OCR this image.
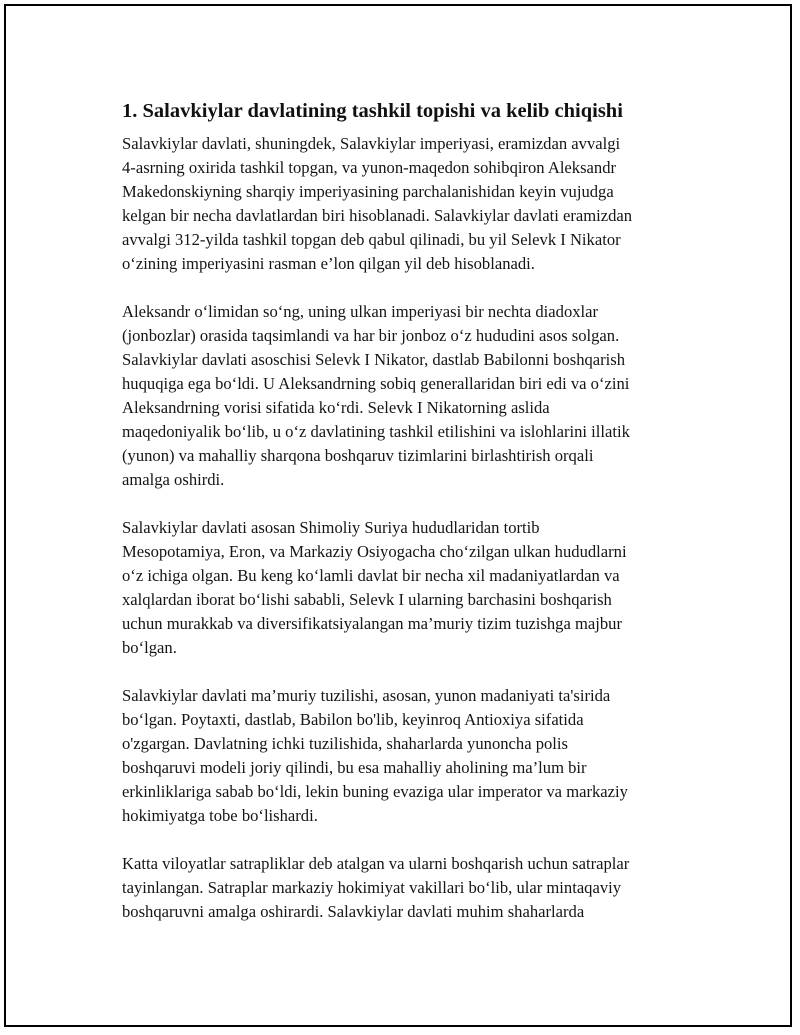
1. Salavkiylar davlatining tashkil topishi va kelib chiqishi

Salavkiylar davlati, shuningdek, Salavkiylar imperiyasi, eramizdan avvalgi
4-asrning oxirida tashkil topgan, va yunon-maqedon sohibqiron Aleksandr
Makedonskiyning sharqiy imperiyasining parchalanishidan keyin vujudga
kelgan bir necha davlatlardan biri hisoblanadi. Salavkiylar davlati eramizdan
avvalgi 312-yilda tashkil topgan deb qabul qilinadi, bu yil Selevk I Nikator
o‘zining imperiyasini rasman e’lon qilgan yil deb hisoblanadi.

Aleksandr o‘limidan so‘ng, uning ulkan imperiyasi bir nechta diadoxlar
(jonbozlar) orasida taqsimlandi va har bir jonboz o‘z hududini asos solgan.
Salavkiylar davlati asoschisi Selevk I Nikator, dastlab Babilonni boshqarish
huquqiga ega bo‘ldi. U Aleksandrning sobiq generallaridan biri edi va o‘zini
Aleksandrning vorisi sifatida ko‘rdi. Selevk I Nikatorning aslida
maqedoniyalik bo‘lib, u o‘z davlatining tashkil etilishini va islohlarini illatik
(yunon) va mahalliy sharqona boshqaruv tizimlarini birlashtirish orqali
amalga oshirdi.

Salavkiylar davlati asosan Shimoliy Suriya hududlaridan tortib
Mesopotamiya, Eron, va Markaziy Osiyogacha cho‘zilgan ulkan hududlarni
o‘z ichiga olgan. Bu keng ko‘lamli davlat bir necha xil madaniyatlardan va
xalqlardan iborat bo‘lishi sababli, Selevk I ularning barchasini boshqarish
uchun murakkab va diversifikatsiyalangan ma’muriy tizim tuzishga majbur
bo‘lgan.

Salavkiylar davlati ma’muriy tuzilishi, asosan, yunon madaniyati ta'sirida
bo‘lgan. Poytaxti, dastlab, Babilon bo'lib, keyinroq Antioxiya sifatida
o'zgargan. Davlatning ichki tuzilishida, shaharlarda yunoncha polis
boshqaruvi modeli joriy qilindi, bu esa mahalliy aholining ma’lum bir
erkinliklariga sabab bo‘ldi, lekin buning evaziga ular imperator va markaziy
hokimiyatga tobe bo‘lishardi.

Katta viloyatlar satrapliklar deb atalgan va ularni boshqarish uchun satraplar
tayinlangan. Satraplar markaziy hokimiyat vakillari bo‘lib, ular mintaqaviy
boshqaruvni amalga oshirardi. Salavkiylar davlati muhim shaharlarda
